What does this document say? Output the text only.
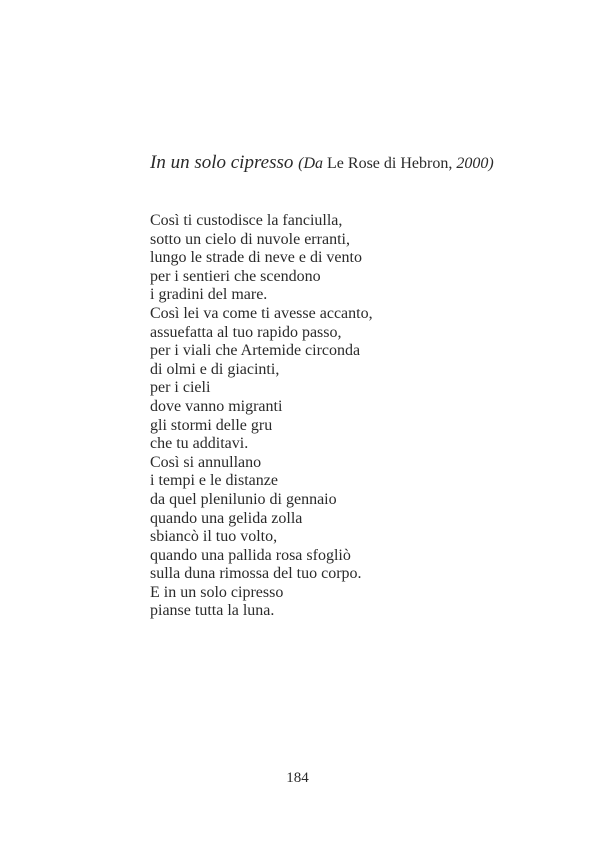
In un solo cipresso (Da Le Rose di Hebron, 2000)
Così ti custodisce la fanciulla,
sotto un cielo di nuvole erranti,
lungo le strade di neve e di vento
per i sentieri che scendono
i gradini del mare.
Così lei va come ti avesse accanto,
assuefatta al tuo rapido passo,
per i viali che Artemide circonda
di olmi e di giacinti,
per i cieli
dove vanno migranti
gli stormi delle gru
che tu additavi.
Così si annullano
i tempi e le distanze
da quel plenilunio di gennaio
quando una gelida zolla
sbiancò il tuo volto,
quando una pallida rosa sfogliò
sulla duna rimossa del tuo corpo.
E in un solo cipresso
pianse tutta la luna.
184
